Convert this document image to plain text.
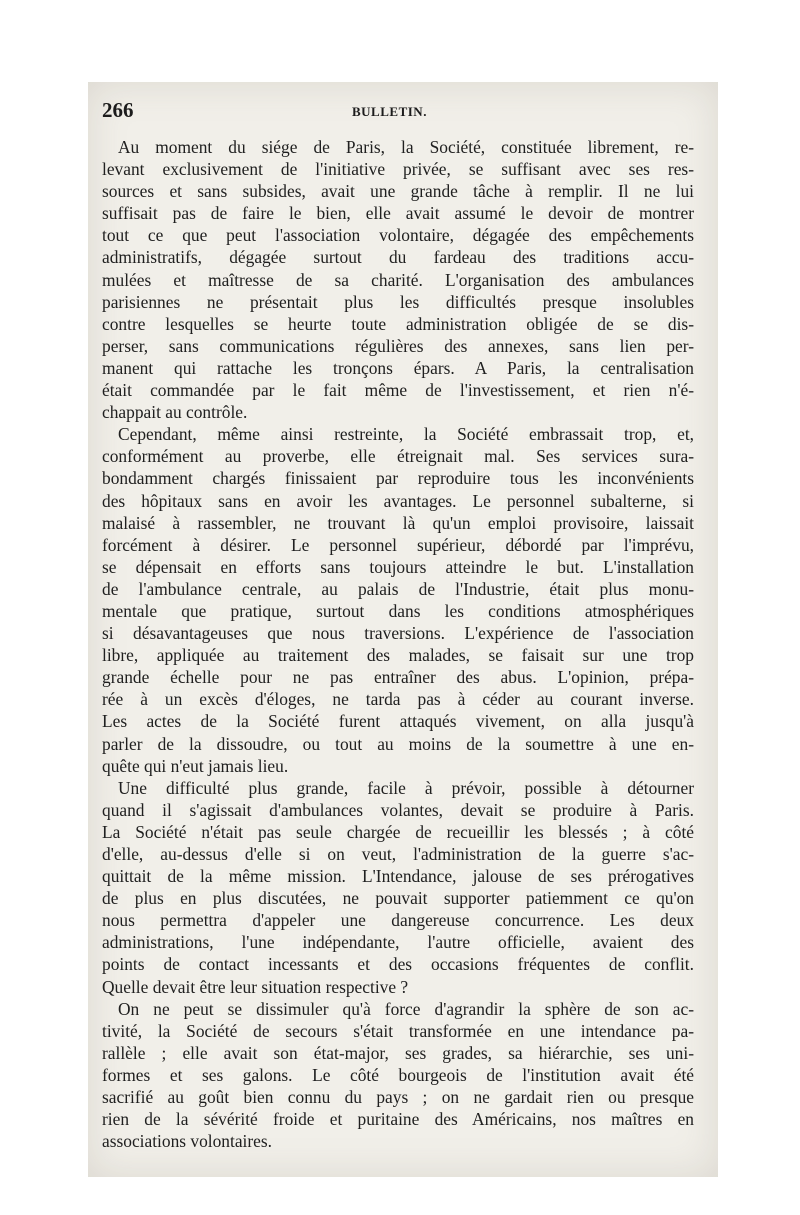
266	BULLETIN.
Au moment du siége de Paris, la Société, constituée librement, re-
levant exclusivement de l'initiative privée, se suffisant avec ses res-
sources et sans subsides, avait une grande tâche à remplir. Il ne lui
suffisait pas de faire le bien, elle avait assumé le devoir de montrer
tout ce que peut l'association volontaire, dégagée des empêchements
administratifs, dégagée surtout du fardeau des traditions accu-
mulées et maîtresse de sa charité. L'organisation des ambulances
parisiennes ne présentait plus les difficultés presque insolubles
contre lesquelles se heurte toute administration obligée de se dis-
perser, sans communications régulières des annexes, sans lien per-
manent qui rattache les tronçons épars. A Paris, la centralisation
était commandée par le fait même de l'investissement, et rien n'é-
chappait au contrôle.
Cependant, même ainsi restreinte, la Société embrassait trop, et,
conformément au proverbe, elle étreignait mal. Ses services sura-
bondamment chargés finissaient par reproduire tous les inconvénients
des hôpitaux sans en avoir les avantages. Le personnel subalterne, si
malaisé à rassembler, ne trouvant là qu'un emploi provisoire, laissait
forcément à désirer. Le personnel supérieur, débordé par l'imprévu,
se dépensait en efforts sans toujours atteindre le but. L'installation
de l'ambulance centrale, au palais de l'Industrie, était plus monu-
mentale que pratique, surtout dans les conditions atmosphériques
si désavantageuses que nous traversions. L'expérience de l'association
libre, appliquée au traitement des malades, se faisait sur une trop
grande échelle pour ne pas entraîner des abus. L'opinion, prépa-
rée à un excès d'éloges, ne tarda pas à céder au courant inverse.
Les actes de la Société furent attaqués vivement, on alla jusqu'à
parler de la dissoudre, ou tout au moins de la soumettre à une en-
quête qui n'eut jamais lieu.
Une difficulté plus grande, facile à prévoir, possible à détourner
quand il s'agissait d'ambulances volantes, devait se produire à Paris.
La Société n'était pas seule chargée de recueillir les blessés ; à côté
d'elle, au-dessus d'elle si on veut, l'administration de la guerre s'ac-
quittait de la même mission. L'Intendance, jalouse de ses prérogatives
de plus en plus discutées, ne pouvait supporter patiemment ce qu'on
nous permettra d'appeler une dangereuse concurrence. Les deux
administrations, l'une indépendante, l'autre officielle, avaient des
points de contact incessants et des occasions fréquentes de conflit.
Quelle devait être leur situation respective ?
On ne peut se dissimuler qu'à force d'agrandir la sphère de son ac-
tivité, la Société de secours s'était transformée en une intendance pa-
rallèle ; elle avait son état-major, ses grades, sa hiérarchie, ses uni-
formes et ses galons. Le côté bourgeois de l'institution avait été
sacrifié au goût bien connu du pays ; on ne gardait rien ou presque
rien de la sévérité froide et puritaine des Américains, nos maîtres en
associations volontaires.
